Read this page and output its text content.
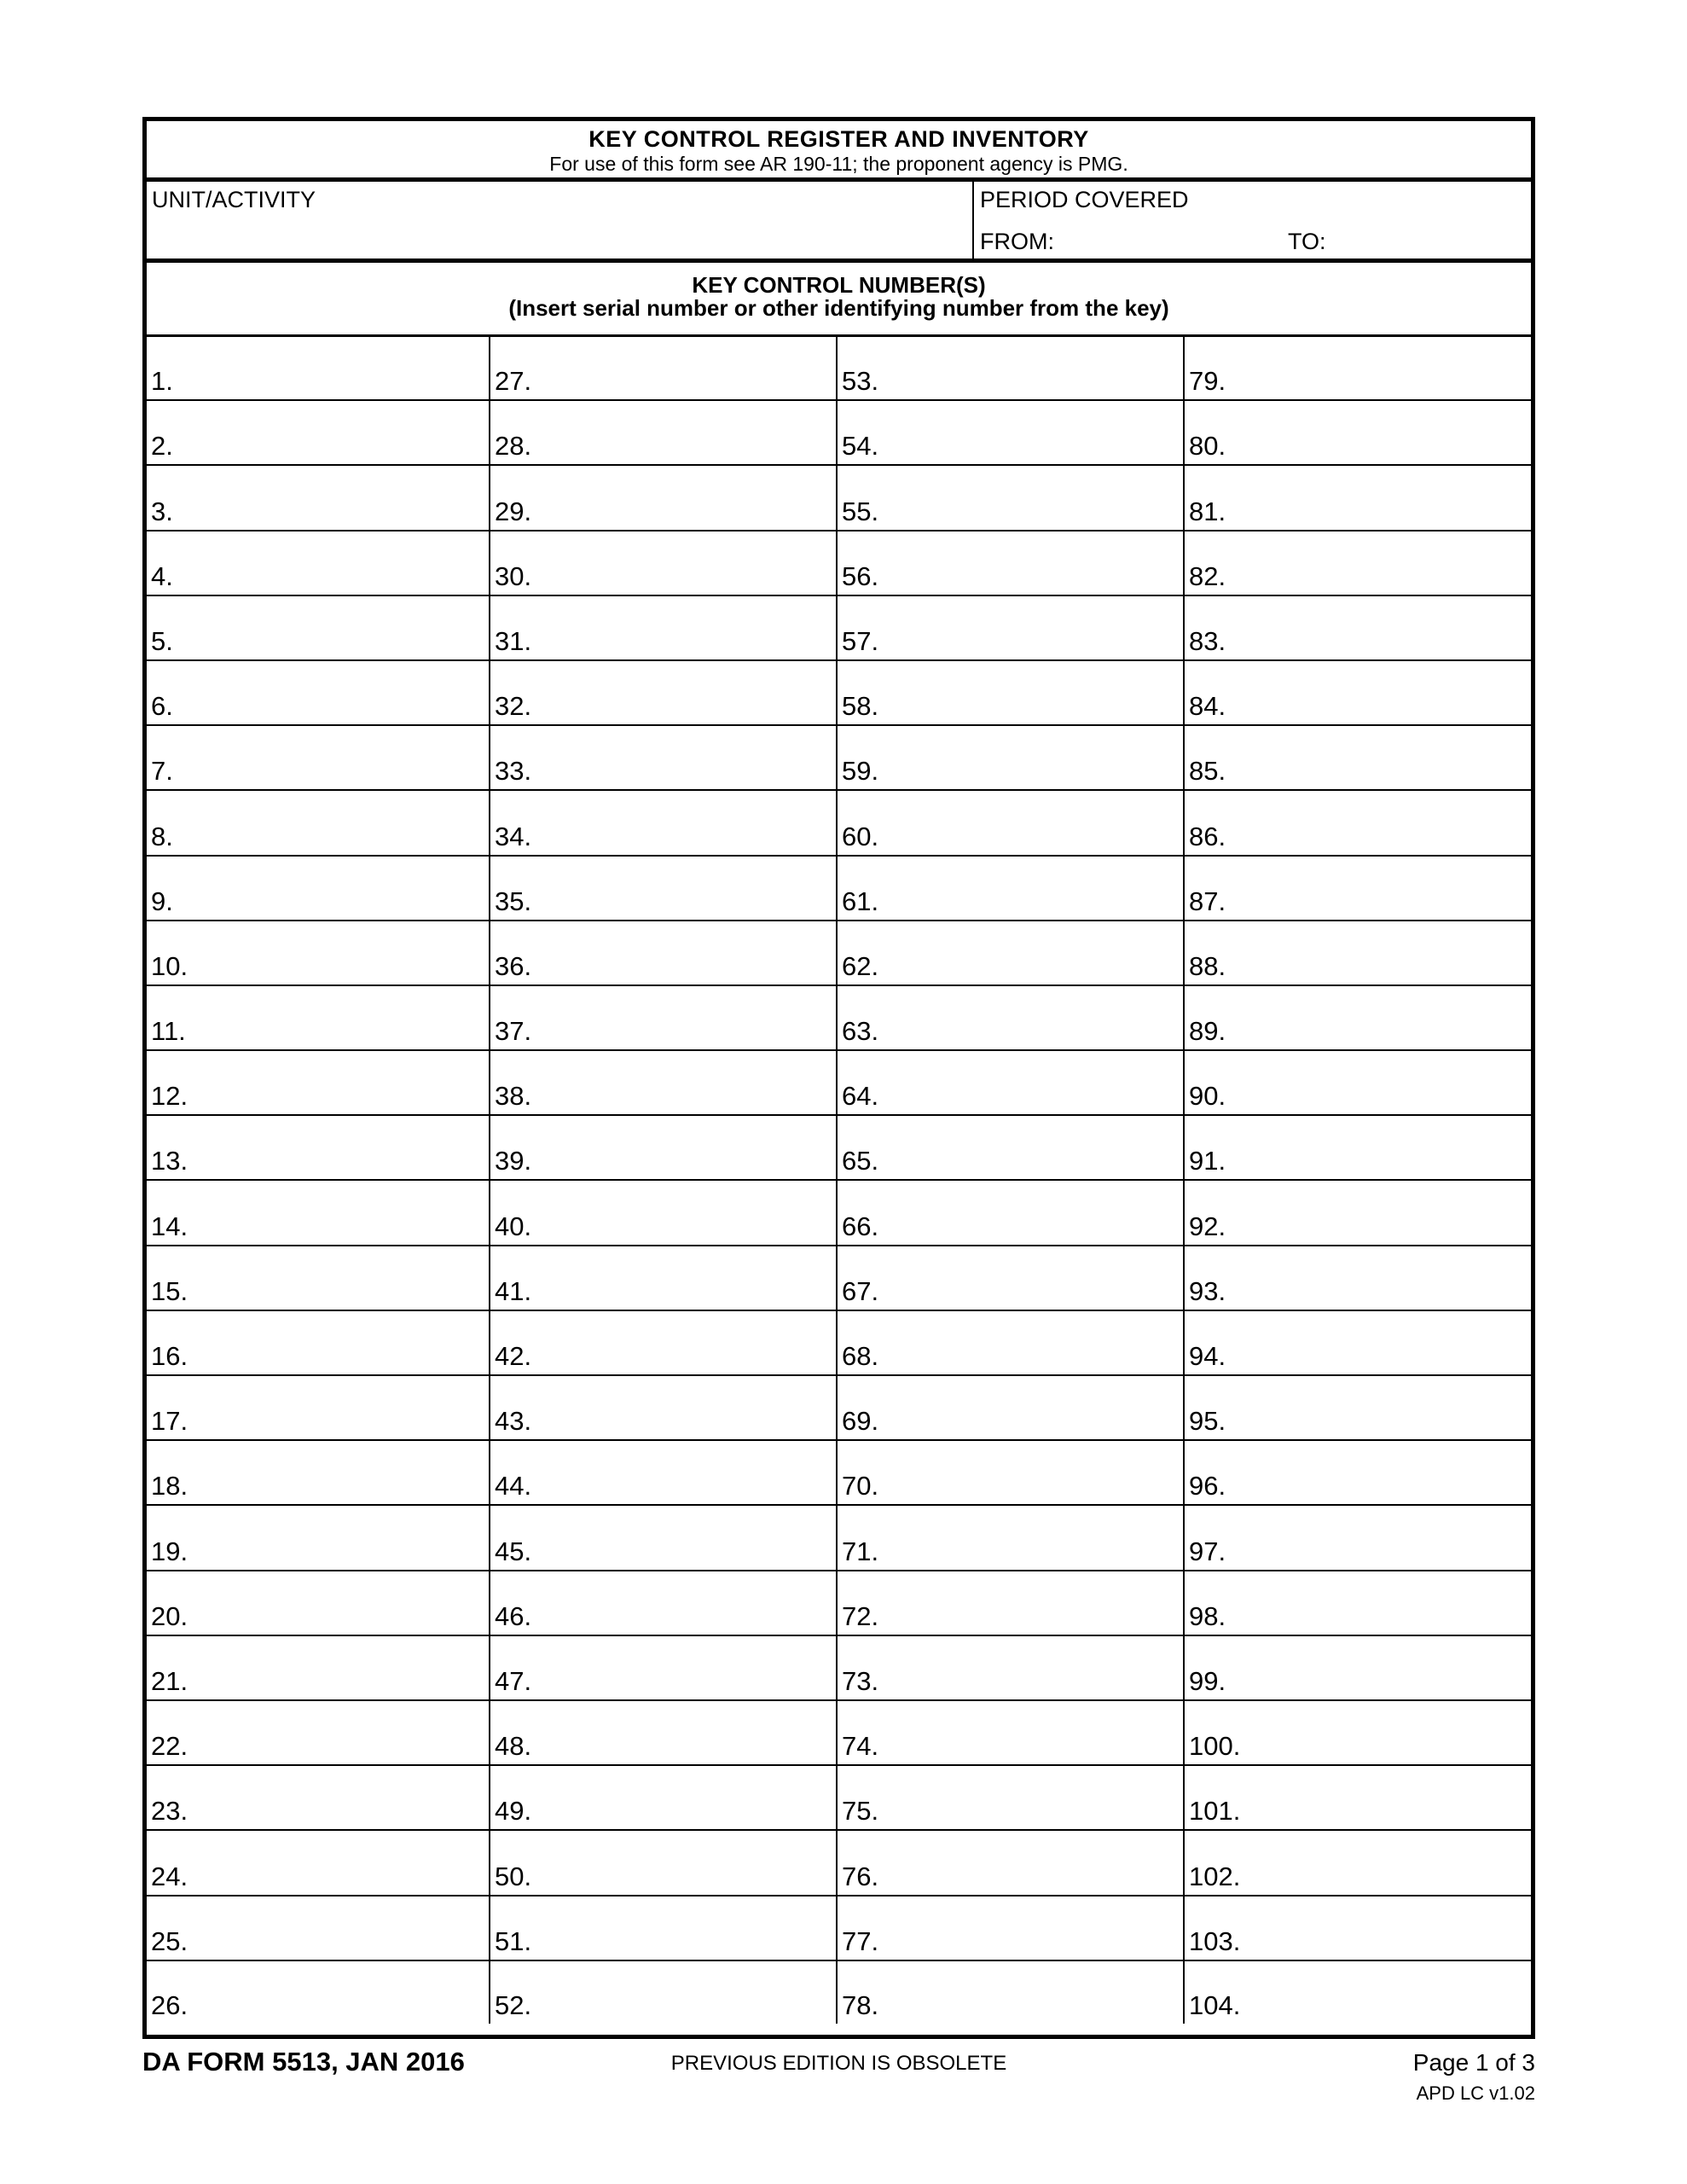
KEY CONTROL REGISTER AND INVENTORY
For use of this form see AR 190-11; the proponent agency is PMG.
UNIT/ACTIVITY	PERIOD COVERED
FROM:	TO:
KEY CONTROL NUMBER(S)
(Insert serial number or other identifying number from the key)
1.	27.	53.	79.
2.	28.	54.	80.
3.	29.	55.	81.
4.	30.	56.	82.
5.	31.	57.	83.
6.	32.	58.	84.
7.	33.	59.	85.
8.	34.	60.	86.
9.	35.	61.	87.
10.	36.	62.	88.
11.	37.	63.	89.
12.	38.	64.	90.
13.	39.	65.	91.
14.	40.	66.	92.
15.	41.	67.	93.
16.	42.	68.	94.
17.	43.	69.	95.
18.	44.	70.	96.
19.	45.	71.	97.
20.	46.	72.	98.
21.	47.	73.	99.
22.	48.	74.	100.
23.	49.	75.	101.
24.	50.	76.	102.
25.	51.	77.	103.
26.	52.	78.	104.
DA FORM 5513, JAN 2016	PREVIOUS EDITION IS OBSOLETE	Page 1 of 3
APD LC v1.02
